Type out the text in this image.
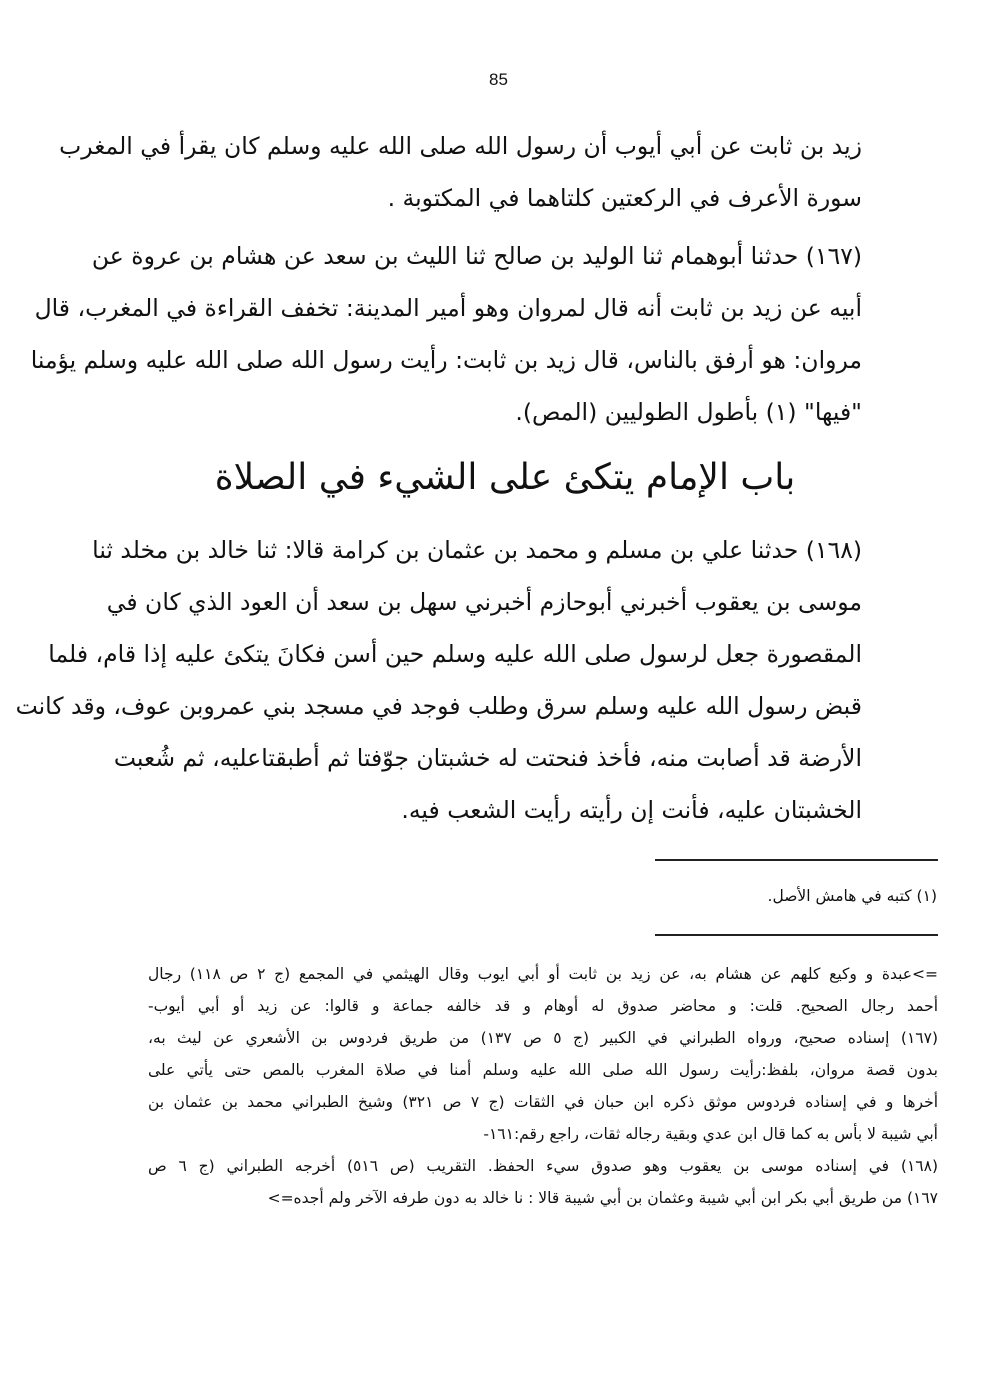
85
زيد بن ثابت عن أبي أيوب أن رسول الله صلى الله عليه وسلم كان يقرأ في المغرب
سورة الأعرف في الركعتين كلتاهما في المكتوبة .
(١٦٧) حدثنا أبوهمام ثنا الوليد بن صالح ثنا الليث بن سعد عن هشام بن عروة عن
أبيه عن زيد بن ثابت أنه قال لمروان وهو أمير المدينة: تخفف القراءة في المغرب، قال
مروان: هو أرفق بالناس، قال زيد بن ثابت: رأيت رسول الله صلى الله عليه وسلم يؤمنا
"فيها" (١) بأطول الطوليين (المص).
باب الإمام يتكئ على الشيء في الصلاة
(١٦٨) حدثنا علي بن مسلم و محمد بن عثمان بن كرامة قالا: ثنا خالد بن مخلد ثنا
موسى بن يعقوب أخبرني أبوحازم أخبرني سهل بن سعد أن العود الذي كان في
المقصورة جعل لرسول صلى الله عليه وسلم حين أسن فكانَ يتكئ عليه إذا قام، فلما
قبض رسول الله عليه وسلم سرق وطلب فوجد في مسجد بني عمروبن عوف، وقد كانت
الأرضة قد أصابت منه، فأخذ فنحتت له خشبتان جوّفتا ثم أطبقتاعليه، ثم شُعبت
الخشبتان عليه، فأنت إن رأيته رأيت الشعب فيه.
(١) كتبه في هامش الأصل.
=>عبدة و وكيع كلهم عن هشام به، عن زيد بن ثابت أو أبي ايوب وقال الهيثمي في المجمع (ج ٢ ص ١١٨) رجال
أحمد رجال الصحيح. قلت: و محاضر صدوق له أوهام و قد خالفه جماعة و قالوا: عن زيد أو أبي أيوب-
(١٦٧) إسناده صحيح، ورواه الطبراني في الكبير (ج ٥ ص ١٣٧) من طريق فردوس بن الأشعري عن ليث به،
بدون قصة مروان، بلفظ:رأيت رسول الله صلى الله عليه وسلم أمنا في صلاة المغرب بالمص حتى يأتي على
أخرها و في إسناده فردوس موثق ذكره ابن حبان في الثقات (ج ٧ ص ٣٢١) وشيخ الطبراني محمد بن عثمان بن
أبي شيبة لا بأس به كما قال ابن عدي وبقية رجاله ثقات، راجع رقم:١٦١-
(١٦٨) في إسناده موسى بن يعقوب وهو صدوق سيء الحفظ. التقريب (ص ٥١٦) أخرجه الطبراني (ج ٦ ص
١٦٧) من طريق أبي بكر ابن أبي شيبة وعثمان بن أبي شيبة قالا : نا خالد به دون طرفه الآخر ولم أجده=>
